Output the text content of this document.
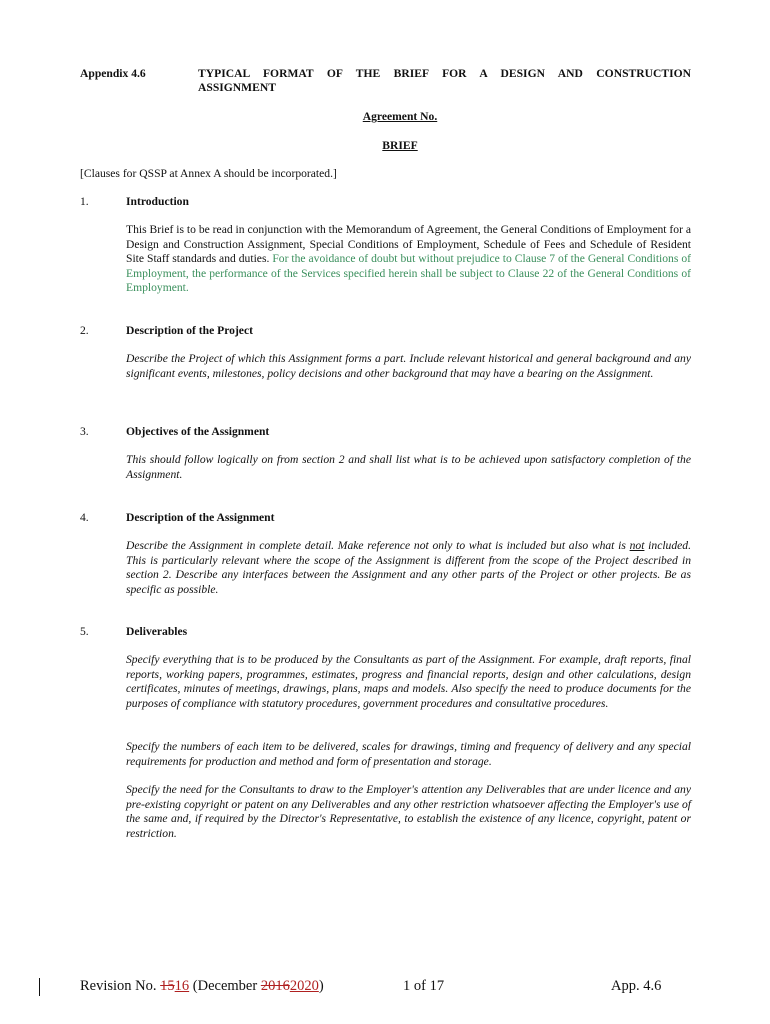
Appendix 4.6	TYPICAL FORMAT OF THE BRIEF FOR A DESIGN AND CONSTRUCTION
ASSIGNMENT
Agreement No.
BRIEF
[Clauses for QSSP at Annex A should be incorporated.]
1.	Introduction
This Brief is to be read in conjunction with the Memorandum of Agreement, the General Conditions of Employment for a Design and Construction Assignment, Special Conditions of Employment, Schedule of Fees and Schedule of Resident Site Staff standards and duties. For the avoidance of doubt but without prejudice to Clause 7 of the General Conditions of Employment, the performance of the Services specified herein shall be subject to Clause 22 of the General Conditions of Employment.
2.	Description of the Project
Describe the Project of which this Assignment forms a part. Include relevant historical and general background and any significant events, milestones, policy decisions and other background that may have a bearing on the Assignment.
3.	Objectives of the Assignment
This should follow logically on from section 2 and shall list what is to be achieved upon satisfactory completion of the Assignment.
4.	Description of the Assignment
Describe the Assignment in complete detail. Make reference not only to what is included but also what is not included. This is particularly relevant where the scope of the Assignment is different from the scope of the Project described in section 2. Describe any interfaces between the Assignment and any other parts of the Project or other projects. Be as specific as possible.
5.	Deliverables
Specify everything that is to be produced by the Consultants as part of the Assignment. For example, draft reports, final reports, working papers, programmes, estimates, progress and financial reports, design and other calculations, design certificates, minutes of meetings, drawings, plans, maps and models. Also specify the need to produce documents for the purposes of compliance with statutory procedures, government procedures and consultative procedures.
Specify the numbers of each item to be delivered, scales for drawings, timing and frequency of delivery and any special requirements for production and method and form of presentation and storage.
Specify the need for the Consultants to draw to the Employer's attention any Deliverables that are under licence and any pre-existing copyright or patent on any Deliverables and any other restriction whatsoever affecting the Employer's use of the same and, if required by the Director's Representative, to establish the existence of any licence, copyright, patent or restriction.
Revision No. 1516 (December 20162020)	1 of 17	App. 4.6
